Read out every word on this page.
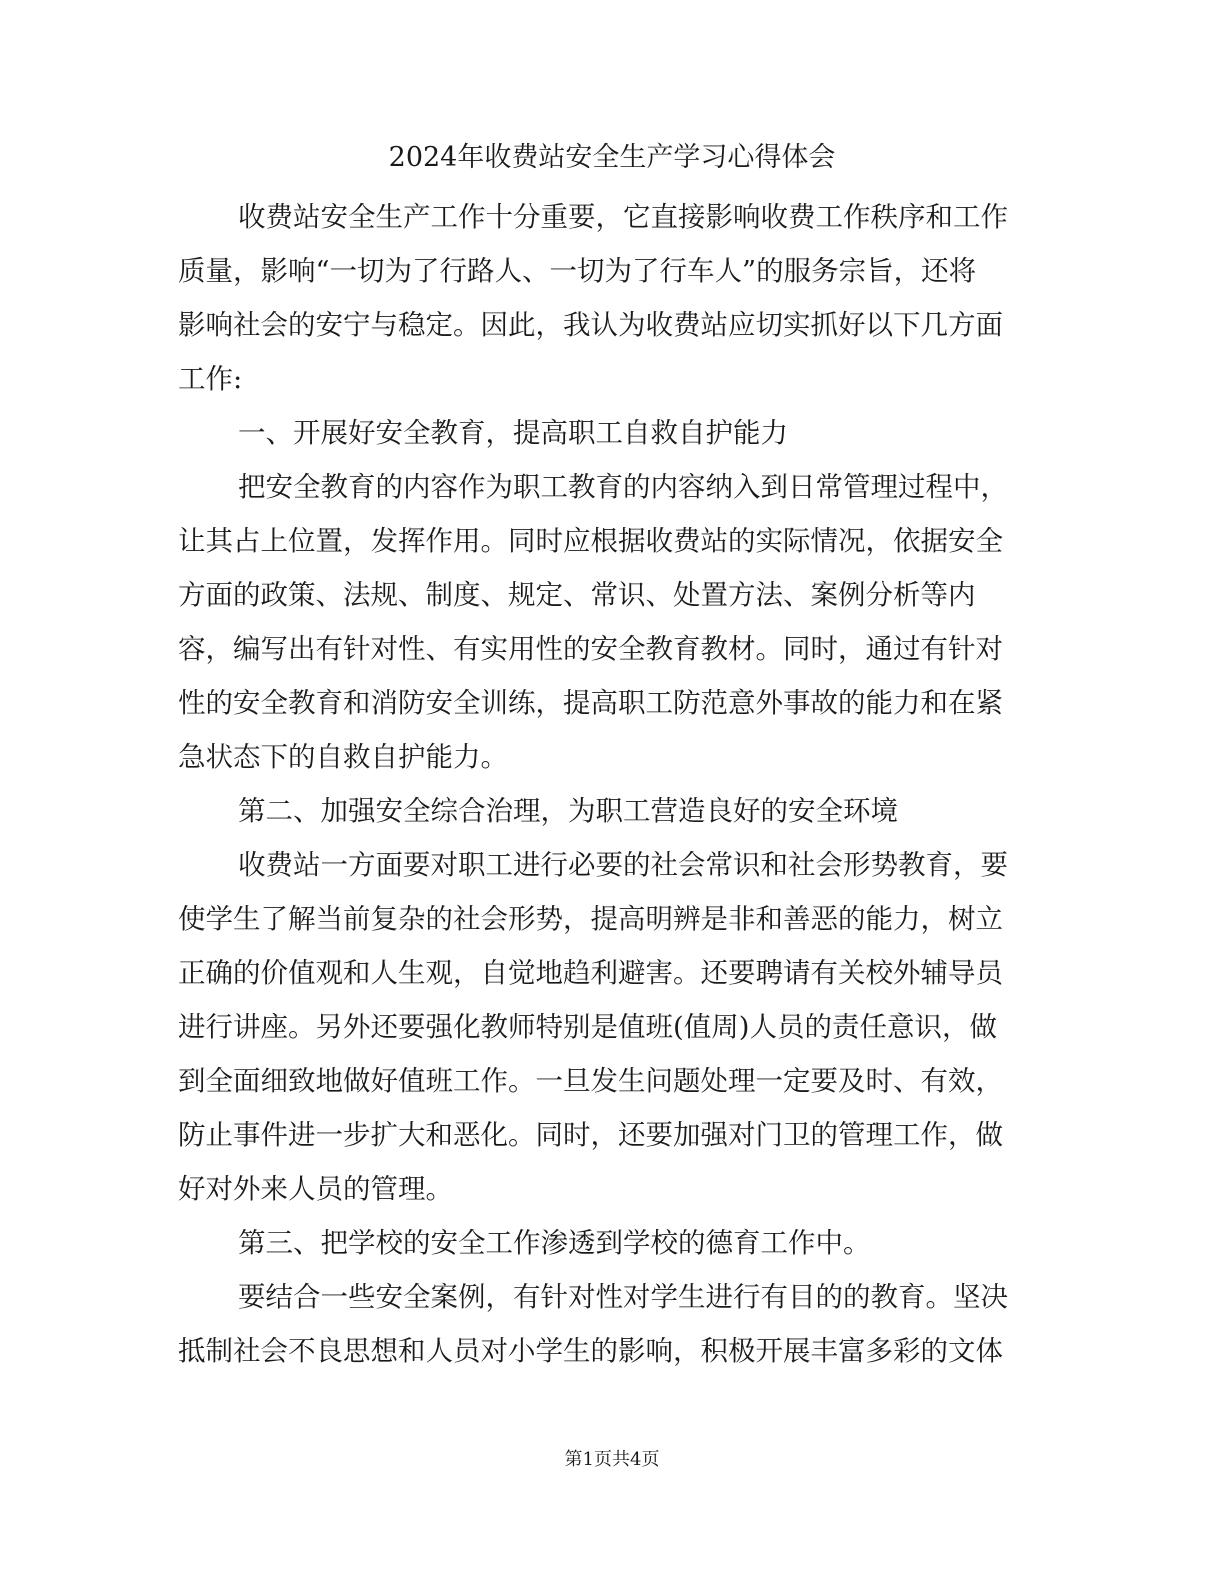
2024年收费站安全生产学习心得体会
收费站安全生产工作十分重要，它直接影响收费工作秩序和工作
质量，影响“一切为了行路人、一切为了行车人”的服务宗旨，还将
影响社会的安宁与稳定。因此，我认为收费站应切实抓好以下几方面
工作:
一、开展好安全教育，提高职工自救自护能力
把安全教育的内容作为职工教育的内容纳入到日常管理过程中，
让其占上位置，发挥作用。同时应根据收费站的实际情况，依据安全
方面的政策、法规、制度、规定、常识、处置方法、案例分析等内
容，编写出有针对性、有实用性的安全教育教材。同时，通过有针对
性的安全教育和消防安全训练，提高职工防范意外事故的能力和在紧
急状态下的自救自护能力。
第二、加强安全综合治理，为职工营造良好的安全环境
收费站一方面要对职工进行必要的社会常识和社会形势教育，要
使学生了解当前复杂的社会形势，提高明辨是非和善恶的能力，树立
正确的价值观和人生观，自觉地趋利避害。还要聘请有关校外辅导员
进行讲座。另外还要强化教师特别是值班(值周)人员的责任意识，做
到全面细致地做好值班工作。一旦发生问题处理一定要及时、有效，
防止事件进一步扩大和恶化。同时，还要加强对门卫的管理工作，做
好对外来人员的管理。
第三、把学校的安全工作渗透到学校的德育工作中。
要结合一些安全案例，有针对性对学生进行有目的的教育。坚决
抵制社会不良思想和人员对小学生的影响，积极开展丰富多彩的文体
第1页共4页
